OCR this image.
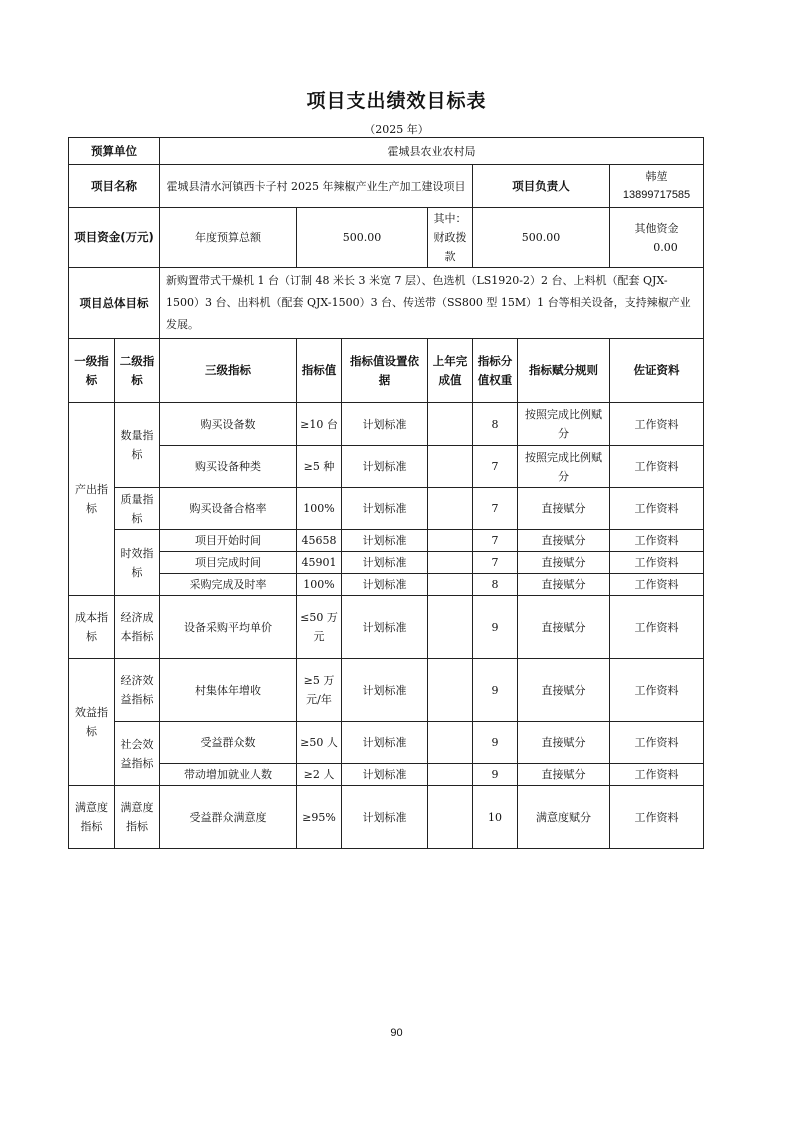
项目支出绩效目标表
（2025 年）
预算单位		霍城县农业农村局						
项目名称		霍城县清水河镇西卡子村 2025 年辣椒产业生产加工建设项目				项目负责人		韩堃
13899717585

项目资金(万元)		年度预算总额	500.00		其中：财政拨款	500.00		其他资金 0.00
项目总体目标		新购置带式干燥机 1 台（订制 48 米长 3 米宽 7 层）、色选机（LS1920-2）2 台、上料机（配套 QJX-1500）3 台、出料机（配套 QJX-1500）3 台、传送带（SS800 型 15M）1 台等相关设备，支持辣椒产业发展。						
一级指标	二级指标	三级指标	指标值	指标值设置依据	上年完成值	指标分值权重	指标赋分规则	佐证资料
产出指标	数量指标	购买设备数	≥10 台	计划标准		8	按照完成比例赋分	工作资料
		购买设备种类	≥5 种	计划标准		7	按照完成比例赋分	工作资料
	质量指标	购买设备合格率	100%	计划标准		7	直接赋分	工作资料
	时效指标	项目开始时间	45658	计划标准		7	直接赋分	工作资料
		项目完成时间	45901	计划标准		7	直接赋分	工作资料
		采购完成及时率	100%	计划标准		8	直接赋分	工作资料
成本指标	经济成本指标	设备采购平均单价	≤50 万元	计划标准		9	直接赋分	工作资料
效益指标	经济效益指标	村集体年增收	≥5 万元/年	计划标准		9	直接赋分	工作资料
	社会效益指标	受益群众数	≥50 人	计划标准		9	直接赋分	工作资料
		带动增加就业人数	≥2 人	计划标准		9	直接赋分	工作资料
满意度指标	满意度指标	受益群众满意度	≥95%	计划标准		10	满意度赋分	工作资料
90
